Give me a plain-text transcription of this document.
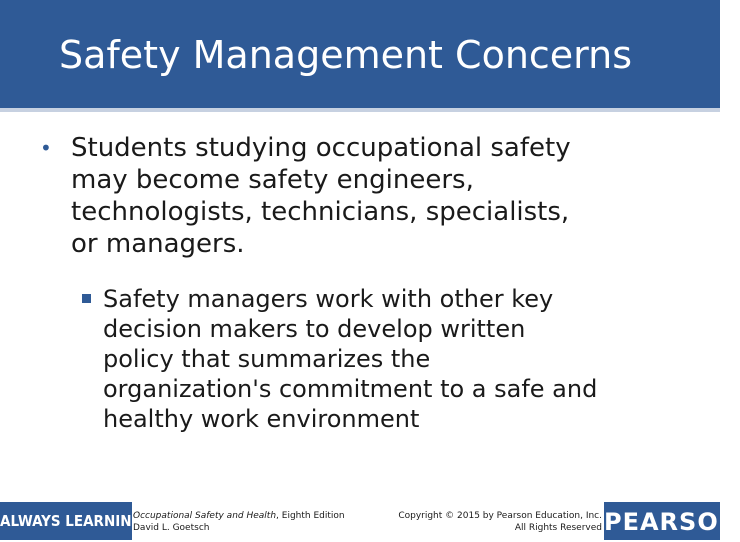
Safety Management Concerns
• Students studying occupational safety
may become safety engineers,
technologists, technicians, specialists,
or managers.
Safety managers work with other key
decision makers to develop written
policy that summarizes the
organization's commitment to a safe and
healthy work environment
ALWAYS LEARNING
Occupational Safety and Health, Eighth Edition
David L. Goetsch
Copyright © 2015 by Pearson Education, Inc.
All Rights Reserved PEARSON
